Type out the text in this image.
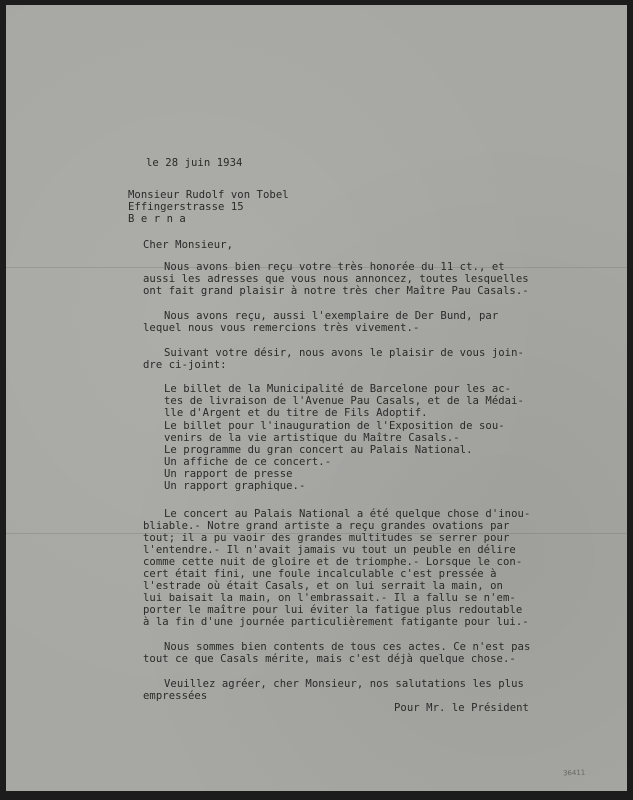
le 28 juin 1934

Monsieur Rudolf von Tobel

Effingerstrasse 15

B e r n a

Cher Monsieur,

Nous avons bien reçu votre très honorée du 11 ct., et

aussi les adresses que vous nous annoncez, toutes lesquelles

ont fait grand plaisir à notre très cher Maître Pau Casals.-

Nous avons reçu, aussi l'exemplaire de Der Bund, par

lequel nous vous remercions très vivement.-

Suivant votre désir, nous avons le plaisir de vous join-

dre ci-joint:

Le billet de la Municipalité de Barcelone pour les ac-

tes de livraison de l'Avenue Pau Casals, et de la Médai-

lle d'Argent et du titre de Fils Adoptif.

Le billet pour l'inauguration de l'Exposition de sou-

venirs de la vie artistique du Maître Casals.-

Le programme du gran concert au Palais National.

Un affiche de ce concert.-

Un rapport de presse

Un rapport graphique.-

Le concert au Palais National a été quelque chose d'inou-

bliable.- Notre grand artiste a reçu grandes ovations par

tout; il a pu vaoir des grandes multitudes se serrer pour

l'entendre.- Il n'avait jamais vu tout un peuble en délire

comme cette nuit de gloire et de triomphe.- Lorsque le con-

cert était fini, une foule incalculable c'est pressée à

l'estrade où était Casals, et on lui serrait la main, on

lui baisait la main, on l'embrassait.- Il a fallu se n'em-

porter le maître pour lui éviter la fatigue plus redoutable

à la fin d'une journée particulièrement fatigante pour lui.-

Nous sommes bien contents de tous ces actes. Ce n'est pas

tout ce que Casals mérite, mais c'est déjà quelque chose.-

Veuillez agréer, cher Monsieur, nos salutations les plus

empressées

Pour Mr. le Président

36411
